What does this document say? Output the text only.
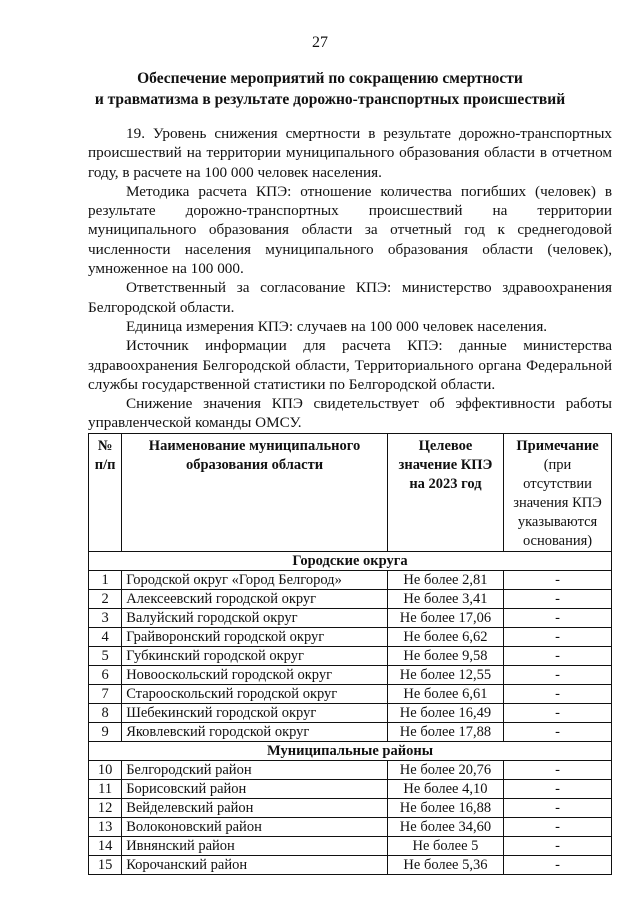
27
Обеспечение мероприятий по сокращению смертности
и травматизма в результате дорожно-транспортных происшествий

19. Уровень снижения смертности в результате дорожно-транспортных происшествий на территории муниципального образования области в отчетном году, в расчете на 100 000 человек населения.

Методика расчета КПЭ: отношение количества погибших (человек) в результате дорожно-транспортных происшествий на территории муниципального образования области за отчетный год к среднегодовой численности населения муниципального образования области (человек), умноженное на 100 000.

Ответственный за согласование КПЭ: министерство здравоохранения Белгородской области.

Единица измерения КПЭ: случаев на 100 000 человек населения.

Источник информации для расчета КПЭ: данные министерства здравоохранения Белгородской области, Территориального органа Федеральной службы государственной статистики по Белгородской области.

Снижение значения КПЭ свидетельствует об эффективности работы управленческой команды ОМСУ.

№ п/п	Наименование муниципального образования области	Целевое значение КПЭ на 2023 год	Примечание
(при отсутствии значения КПЭ указываются основания)
Городские округа			
1	Городской округ «Город Белгород»	Не более 2,81	-
2	Алексеевский городской округ	Не более 3,41	-
3	Валуйский городской округ	Не более 17,06	-
4	Грайворонский городской округ	Не более 6,62	-
5	Губкинский городской округ	Не более 9,58	-
6	Новооскольский городской округ	Не более 12,55	-
7	Старооскольский городской округ	Не более 6,61	-
8	Шебекинский городской округ	Не более 16,49	-
9	Яковлевский городской округ	Не более 17,88	-
Муниципальные районы			
10	Белгородский район	Не более 20,76	-
11	Борисовский район	Не более 4,10	-
12	Вейделевский район	Не более 16,88	-
13	Волоконовский район	Не более 34,60	-
14	Ивнянский район	Не более 5	-
15	Корочанский район	Не более 5,36	-
